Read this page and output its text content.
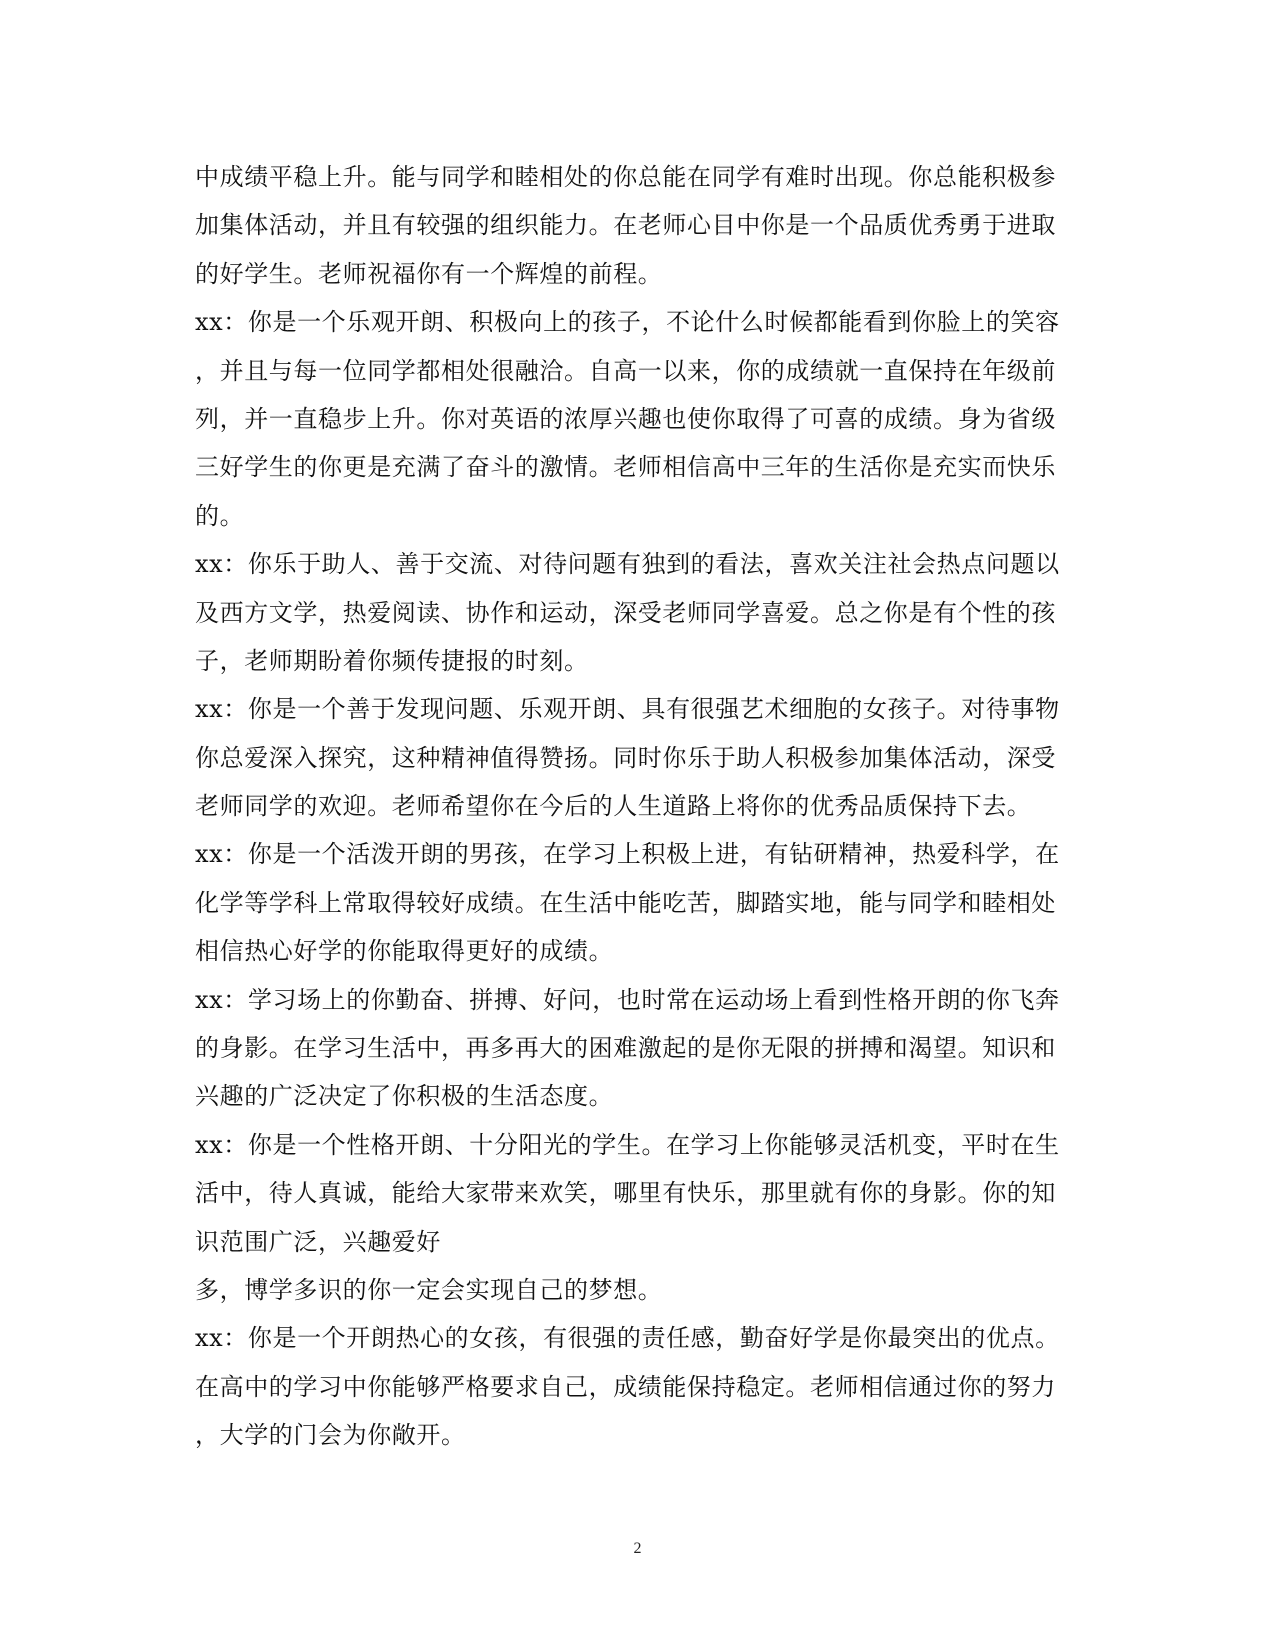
中成绩平稳上升。能与同学和睦相处的你总能在同学有难时出现。你总能积极参
加集体活动，并且有较强的组织能力。在老师心目中你是一个品质优秀勇于进取
的好学生。老师祝福你有一个辉煌的前程。
xx：你是一个乐观开朗、积极向上的孩子，不论什么时候都能看到你脸上的笑容
，并且与每一位同学都相处很融洽。自高一以来，你的成绩就一直保持在年级前
列，并一直稳步上升。你对英语的浓厚兴趣也使你取得了可喜的成绩。身为省级
三好学生的你更是充满了奋斗的激情。老师相信高中三年的生活你是充实而快乐
的。
xx：你乐于助人、善于交流、对待问题有独到的看法，喜欢关注社会热点问题以
及西方文学，热爱阅读、协作和运动，深受老师同学喜爱。总之你是有个性的孩
子，老师期盼着你频传捷报的时刻。
xx：你是一个善于发现问题、乐观开朗、具有很强艺术细胞的女孩子。对待事物
你总爱深入探究，这种精神值得赞扬。同时你乐于助人积极参加集体活动，深受
老师同学的欢迎。老师希望你在今后的人生道路上将你的优秀品质保持下去。
xx：你是一个活泼开朗的男孩，在学习上积极上进，有钻研精神，热爱科学，在
化学等学科上常取得较好成绩。在生活中能吃苦，脚踏实地，能与同学和睦相处
相信热心好学的你能取得更好的成绩。
xx：学习场上的你勤奋、拼搏、好问，也时常在运动场上看到性格开朗的你飞奔
的身影。在学习生活中，再多再大的困难激起的是你无限的拼搏和渴望。知识和
兴趣的广泛决定了你积极的生活态度。
xx：你是一个性格开朗、十分阳光的学生。在学习上你能够灵活机变，平时在生
活中，待人真诚，能给大家带来欢笑，哪里有快乐，那里就有你的身影。你的知
识范围广泛，兴趣爱好
多，博学多识的你一定会实现自己的梦想。
xx：你是一个开朗热心的女孩，有很强的责任感，勤奋好学是你最突出的优点。
在高中的学习中你能够严格要求自己，成绩能保持稳定。老师相信通过你的努力
，大学的门会为你敞开。
2
